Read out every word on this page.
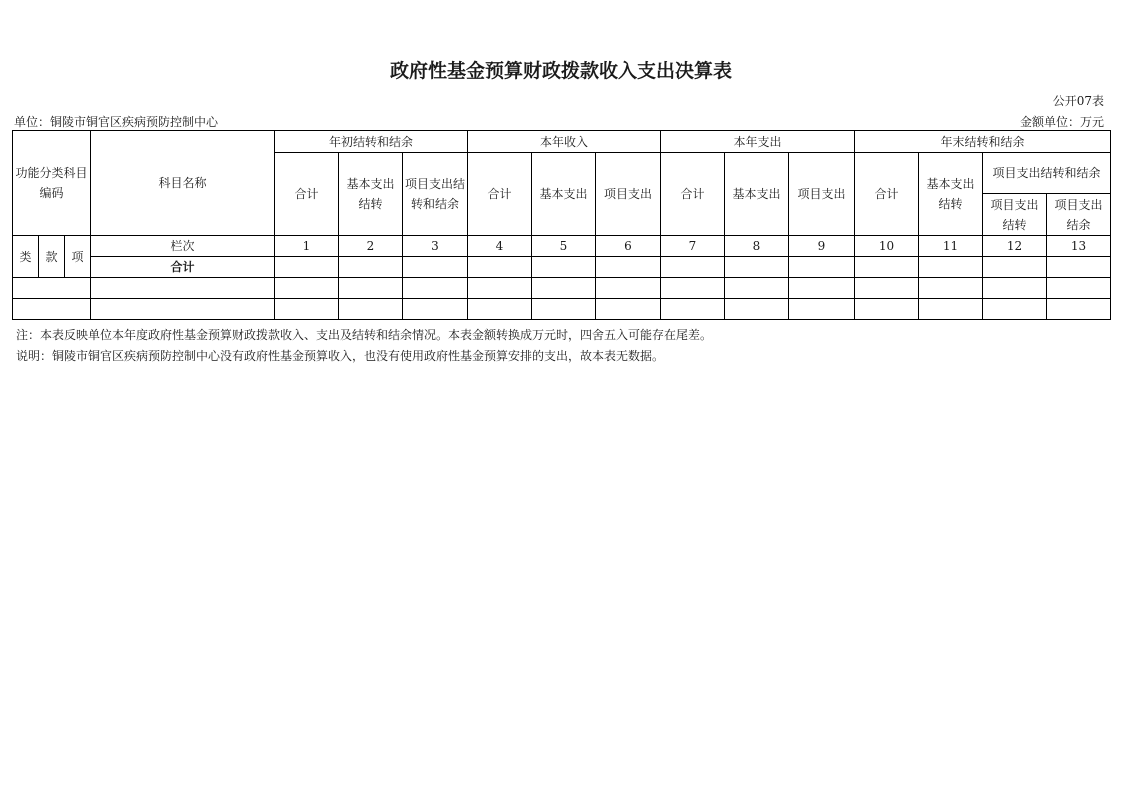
政府性基金预算财政拨款收入支出决算表
公开07表
单位：铜陵市铜官区疾病预防控制中心	金额单位：万元
功能分类科目编码			科目名称	年初结转和结余			本年收入			本年支出			年末结转和结余			
				合计	基本支出结转	项目支出结转和结余	合计	基本支出	项目支出	合计	基本支出	项目支出	合计	基本支出结转	项目支出结转和结余	
															项目支出结转	项目支出结余
类	款	项	栏次	1	2	3	4	5	6	7	8	9	10	11	12	13
			合计													

注：本表反映单位本年度政府性基金预算财政拨款收入、支出及结转和结余情况。本表金额转换成万元时，四舍五入可能存在尾差。
说明：铜陵市铜官区疾病预防控制中心没有政府性基金预算收入，也没有使用政府性基金预算安排的支出，故本表无数据。
